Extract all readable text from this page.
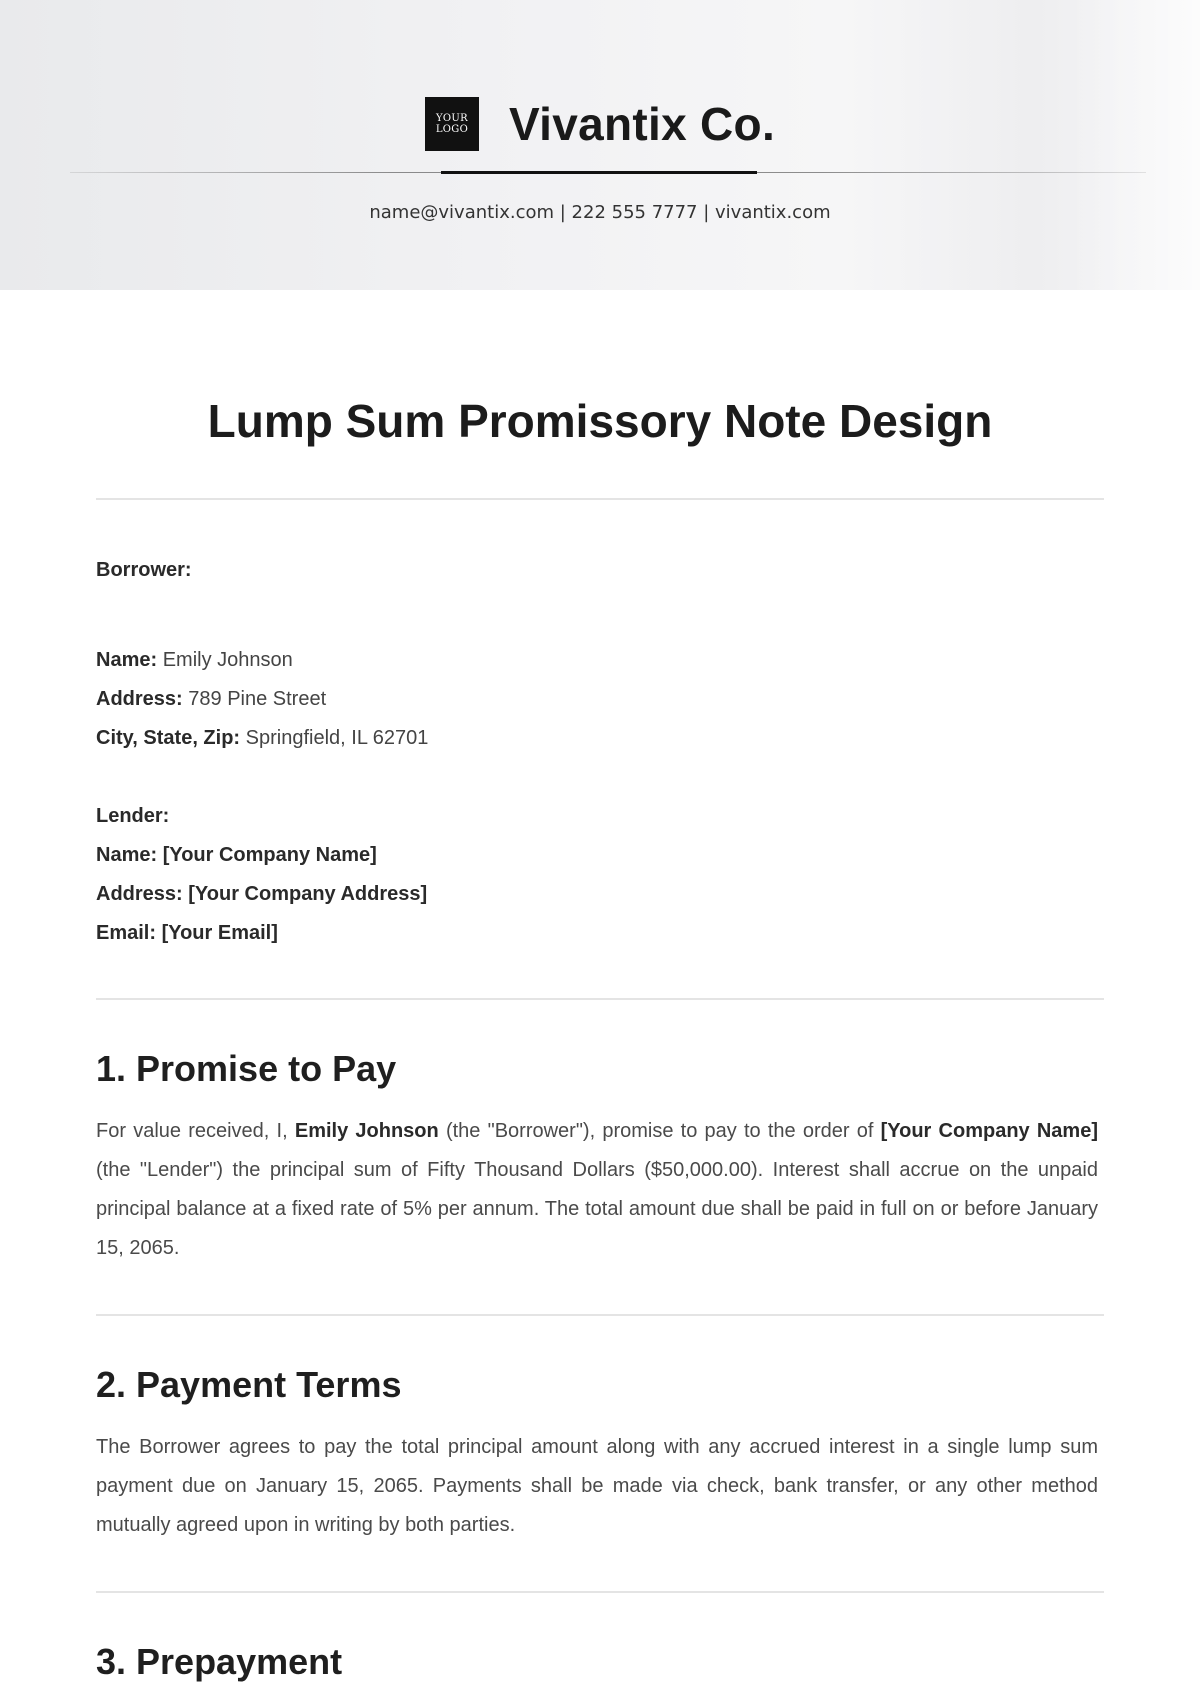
YOUR
LOGO Vivantix Co.
name@vivantix.com | 222 555 7777 | vivantix.com
Lump Sum Promissory Note Design
Borrower:
Name: Emily Johnson
Address: 789 Pine Street
City, State, Zip: Springfield, IL 62701
Lender:
Name: [Your Company Name]
Address: [Your Company Address]
Email: [Your Email]
1. Promise to Pay

For value received, I, Emily Johnson (the "Borrower"), promise to pay to the order of [Your Company Name] (the "Lender") the principal sum of Fifty Thousand Dollars ($50,000.00). Interest shall accrue on the unpaid principal balance at a fixed rate of 5% per annum. The total amount due shall be paid in full on or before January 15, 2065.

2. Payment Terms

The Borrower agrees to pay the total principal amount along with any accrued interest in a single lump sum payment due on January 15, 2065. Payments shall be made via check, bank transfer, or any other method mutually agreed upon in writing by both parties.

3. Prepayment
